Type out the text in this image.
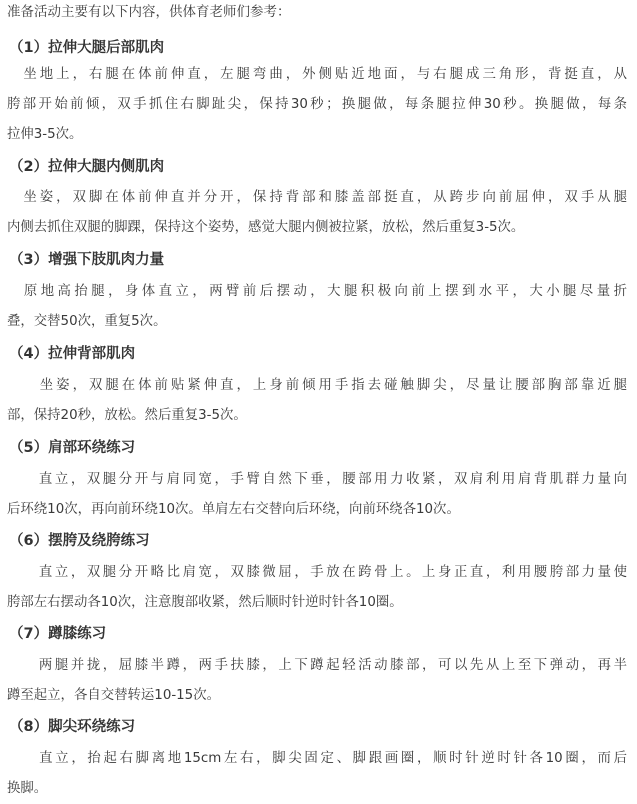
准备活动主要有以下内容，供体育老师们参考：
（1）拉伸大腿后部肌肉
　坐地上，右腿在体前伸直，左腿弯曲，外侧贴近地面，与右腿成三角形，背挺直，从
胯部开始前倾，双手抓住右脚趾尖，保持30秒；换腿做，每条腿拉伸30秒。换腿做，每条
拉伸3-5次。
（2）拉伸大腿内侧肌肉
　坐姿，双脚在体前伸直并分开，保持背部和膝盖部挺直，从跨步向前屈伸，双手从腿
内侧去抓住双腿的脚踝，保持这个姿势，感觉大腿内侧被拉紧，放松，然后重复3-5次。
（3）增强下肢肌肉力量
　原地高抬腿，身体直立，两臂前后摆动，大腿积极向前上摆到水平，大小腿尽量折
叠，交替50次，重复5次。
（4）拉伸背部肌肉
　　坐姿，双腿在体前贴紧伸直，上身前倾用手指去碰触脚尖，尽量让腰部胸部靠近腿
部，保持20秒，放松。然后重复3-5次。
（5）肩部环绕练习
　　直立，双腿分开与肩同宽，手臂自然下垂，腰部用力收紧，双肩利用肩背肌群力量向
后环绕10次，再向前环绕10次。单肩左右交替向后环绕，向前环绕各10次。
（6）摆胯及绕胯练习
　　直立，双腿分开略比肩宽，双膝微屈，手放在跨骨上。上身正直，利用腰胯部力量使
胯部左右摆动各10次，注意腹部收紧，然后顺时针逆时针各10圈。
（7）蹲膝练习
　　两腿并拢，屈膝半蹲，两手扶膝，上下蹲起轻活动膝部，可以先从上至下弹动，再半
蹲至起立，各自交替转运10-15次。
（8）脚尖环绕练习
　　直立，抬起右脚离地15cm左右，脚尖固定、脚跟画圈，顺时针逆时针各10圈，而后
换脚。
